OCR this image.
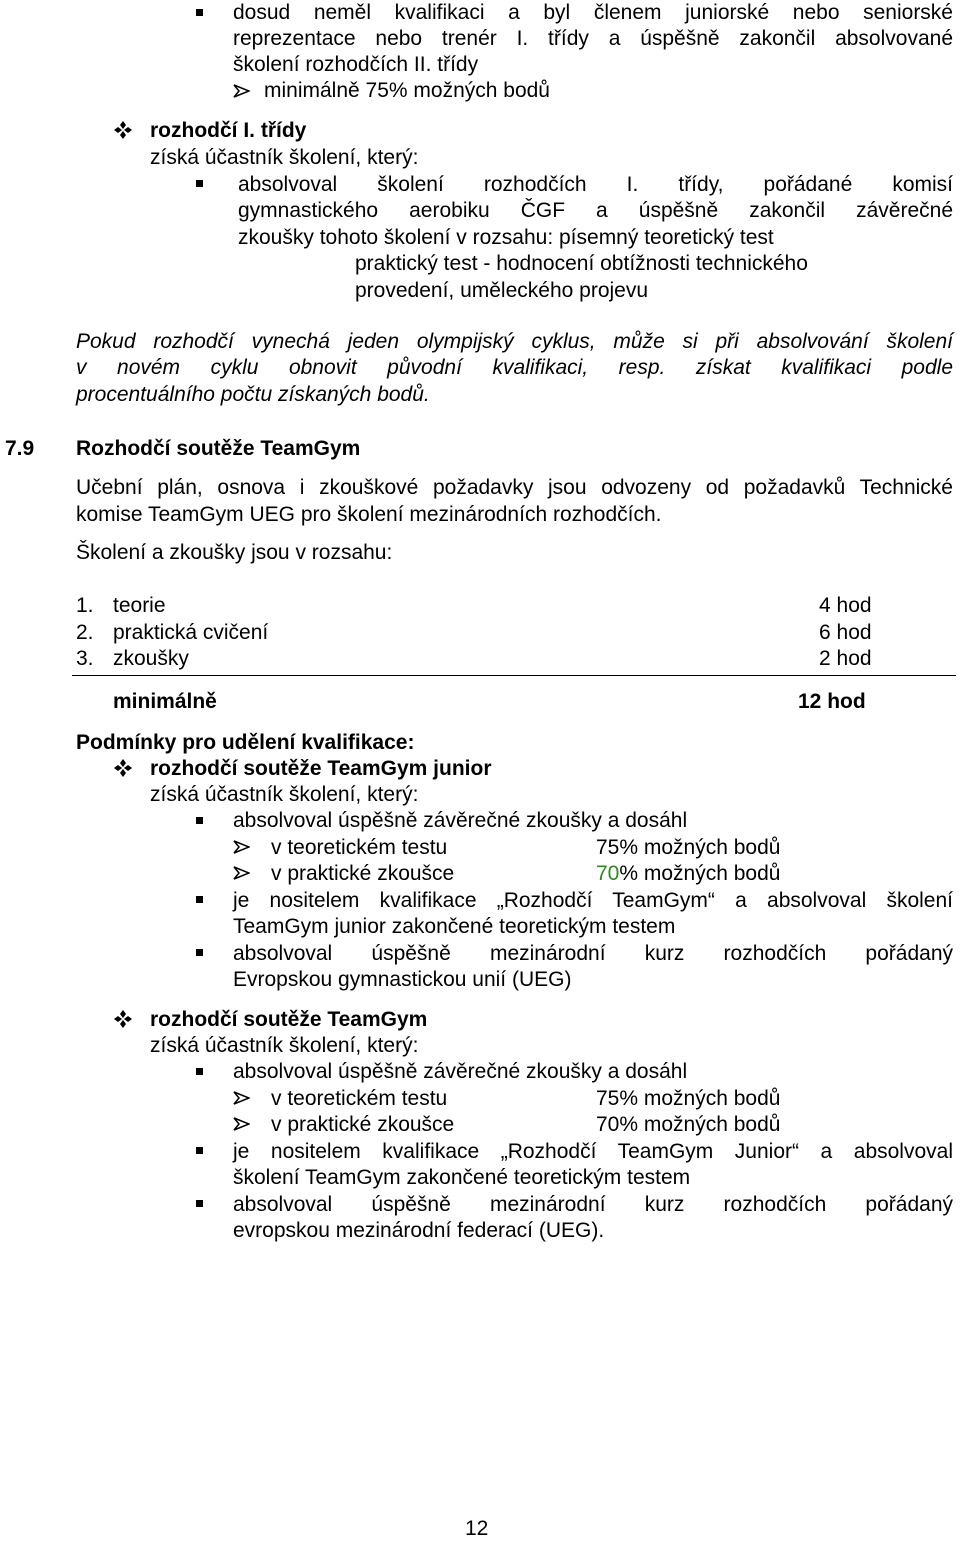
dosud neměl kvalifikaci a byl členem juniorské nebo seniorské
reprezentace nebo trenér I. třídy a úspěšně zakončil absolvované
školení rozhodčích II. třídy
minimálně 75% možných bodů
rozhodčí I. třídy
získá účastník školení, který:
absolvoval školení rozhodčích I. třídy, pořádané komisí
gymnastického aerobiku ČGF a úspěšně zakončil závěrečné
zkoušky tohoto školení v rozsahu: písemný teoretický test
praktický test - hodnocení obtížnosti technického
provedení, uměleckého projevu
Pokud rozhodčí vynechá jeden olympijský cyklus, může si při absolvování školení
v novém cyklu obnovit původní kvalifikaci, resp. získat kvalifikaci podle
procentuálního počtu získaných bodů.
7.9 Rozhodčí soutěže TeamGym
Učební plán, osnova i zkouškové požadavky jsou odvozeny od požadavků Technické
komise TeamGym UEG pro školení mezinárodních rozhodčích.
Školení a zkoušky jsou v rozsahu:
1. teorie	4 hod
2. praktická cvičení	6 hod
3. zkoušky	2 hod
minimálně	12 hod
Podmínky pro udělení kvalifikace:
rozhodčí soutěže TeamGym junior
získá účastník školení, který:
absolvoval úspěšně závěrečné zkoušky a dosáhl
v teoretickém testu	75% možných bodů
v praktické zkoušce	70% možných bodů
je nositelem kvalifikace „Rozhodčí TeamGym“ a absolvoval školení
TeamGym junior zakončené teoretickým testem
absolvoval úspěšně mezinárodní kurz rozhodčích pořádaný
Evropskou gymnastickou unií (UEG)
rozhodčí soutěže TeamGym
získá účastník školení, který:
absolvoval úspěšně závěrečné zkoušky a dosáhl
v teoretickém testu	75% možných bodů
v praktické zkoušce	70% možných bodů
je nositelem kvalifikace „Rozhodčí TeamGym Junior“ a absolvoval
školení TeamGym zakončené teoretickým testem
absolvoval úspěšně mezinárodní kurz rozhodčích pořádaný
evropskou mezinárodní federací (UEG).
12
